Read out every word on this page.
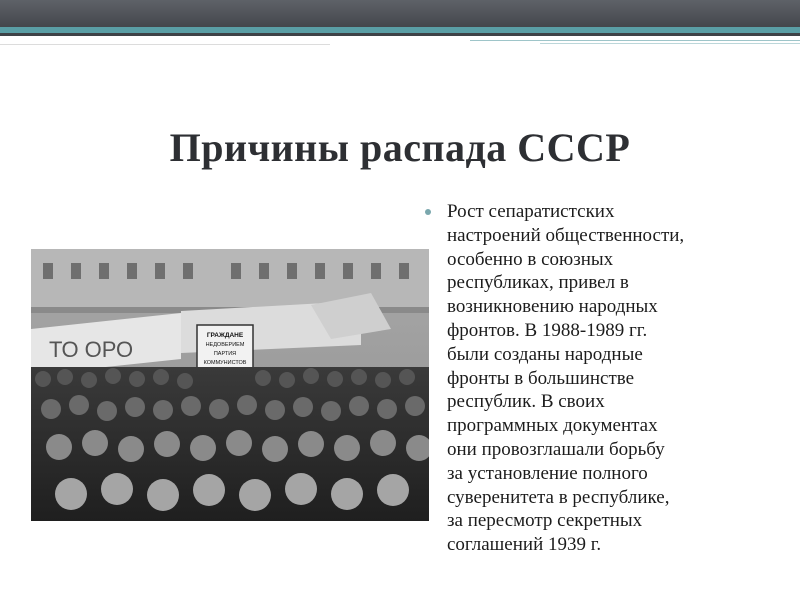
Причины распада СССР
ТО ОРО
ГРАЖДАНЕ
НЕДОВЕРИЕМ
ПАРТИЯ
КОММУНИСТОВ
Рост сепаратистских
настроений общественности,
особенно в союзных
республиках, привел в
возникновению народных
фронтов. В 1988-1989 гг.
были созданы народные
фронты в большинстве
республик. В своих
программных документах
они провозглашали борьбу
за установление полного
суверенитета в республике,
за пересмотр секретных
соглашений 1939 г.
